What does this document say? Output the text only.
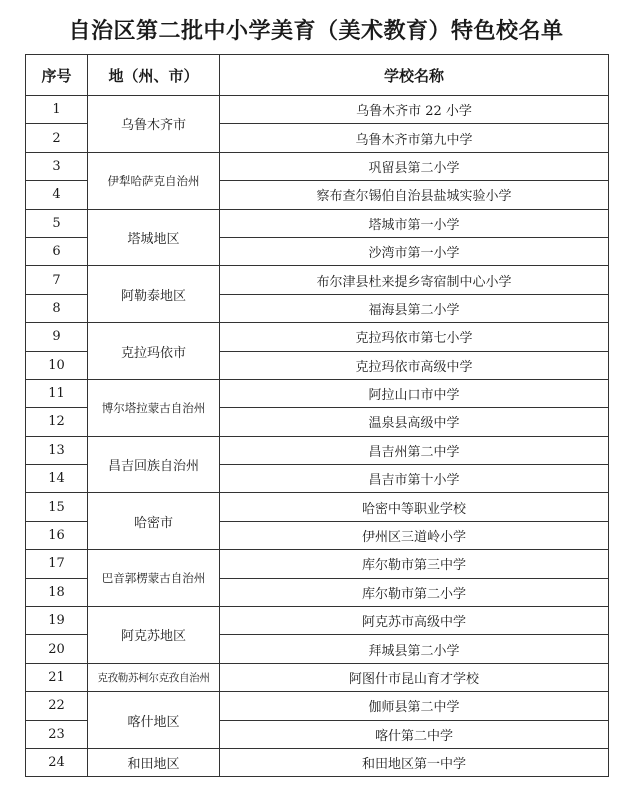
自治区第二批中小学美育（美术教育）特色校名单
序号	地（州、市）	学校名称
1	乌鲁木齐市	乌鲁木齐市 22 小学
2		乌鲁木齐市第九中学
3	伊犁哈萨克自治州	巩留县第二小学
4		察布查尔锡伯自治县盐城实验小学
5	塔城地区	塔城市第一小学
6		沙湾市第一小学
7	阿勒泰地区	布尔津县杜来提乡寄宿制中心小学
8		福海县第二小学
9	克拉玛依市	克拉玛依市第七小学
10		克拉玛依市高级中学
11	博尔塔拉蒙古自治州	阿拉山口市中学
12		温泉县高级中学
13	昌吉回族自治州	昌吉州第二中学
14		昌吉市第十小学
15	哈密市	哈密中等职业学校
16		伊州区三道岭小学
17	巴音郭楞蒙古自治州	库尔勒市第三中学
18		库尔勒市第二小学
19	阿克苏地区	阿克苏市高级中学
20		拜城县第二小学
21	克孜勒苏柯尔克孜自治州	阿图什市昆山育才学校
22	喀什地区	伽师县第二中学
23		喀什第二中学
24	和田地区	和田地区第一中学
